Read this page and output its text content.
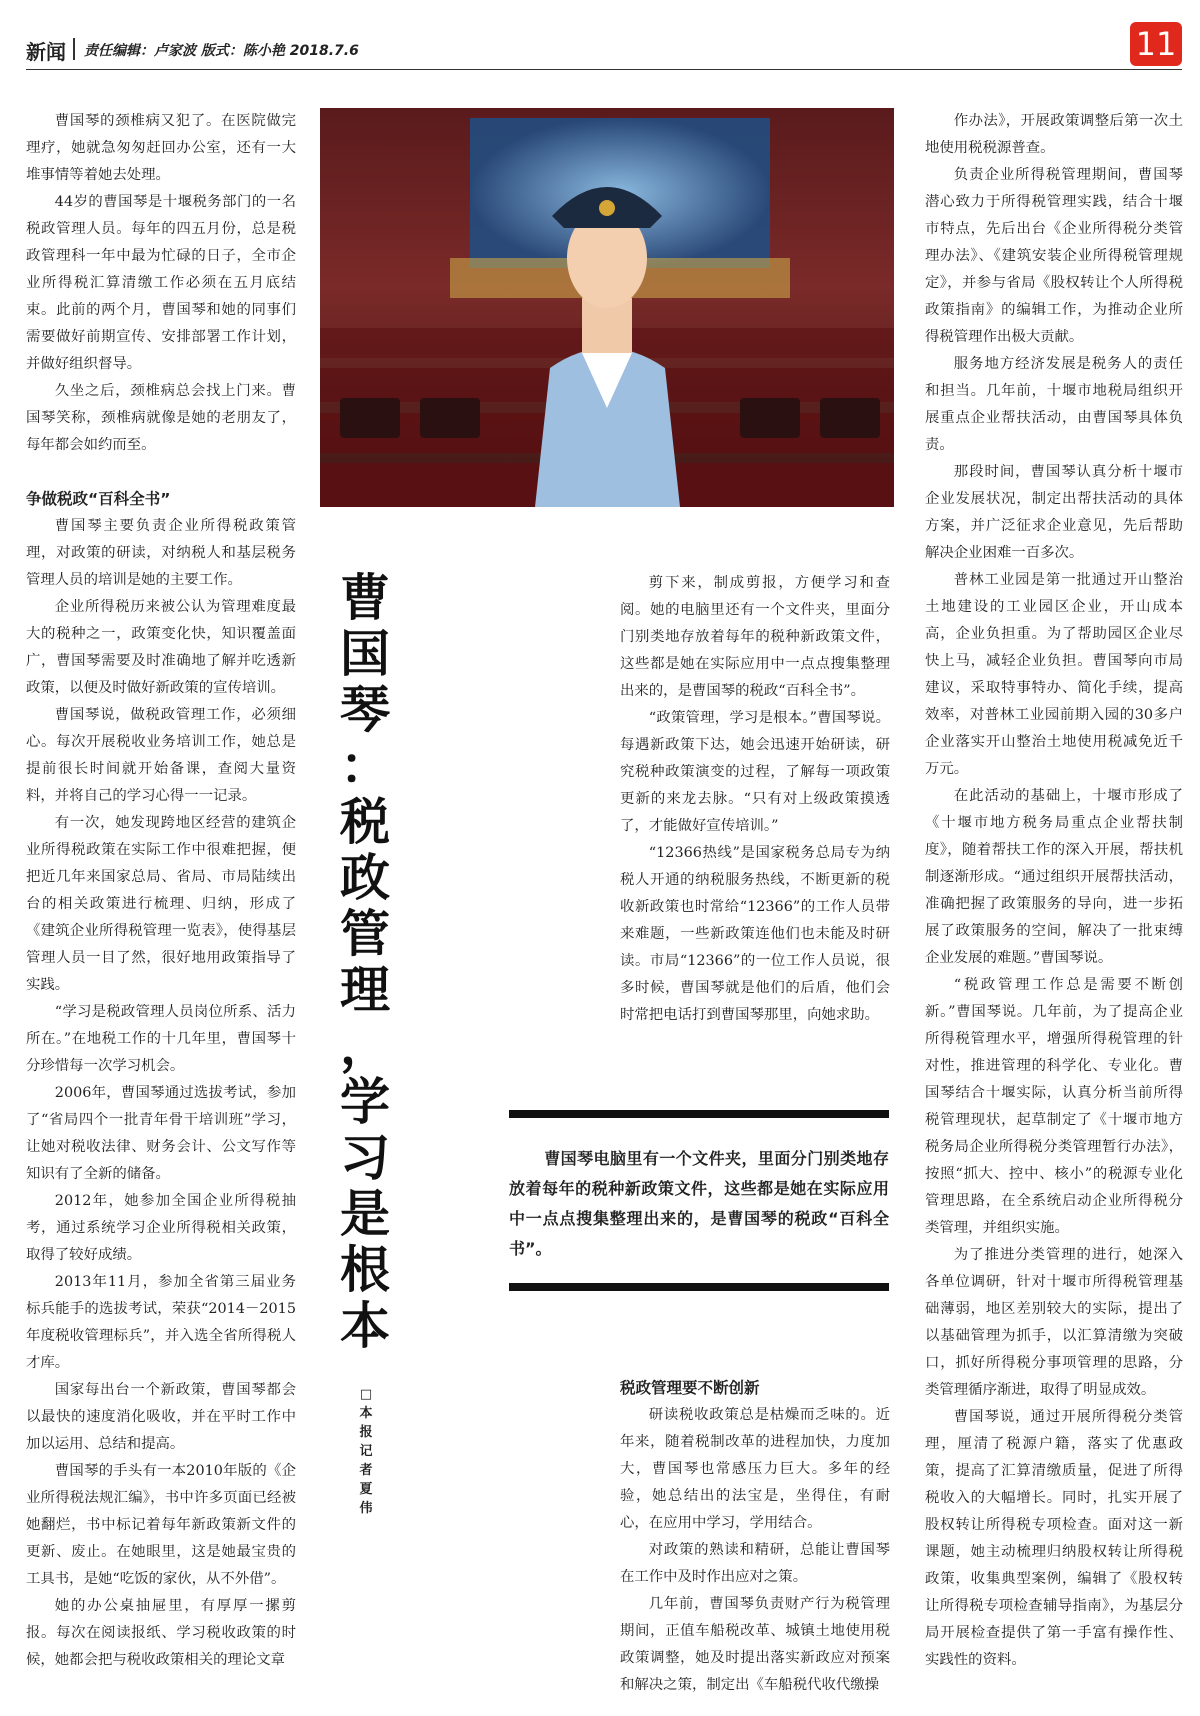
新闻 责任编辑：卢家波 版式：陈小艳 2018.7.6	11

曹国琴的颈椎病又犯了。在医院做完理疗，她就急匆匆赶回办公室，还有一大堆事情等着她去处理。

44岁的曹国琴是十堰税务部门的一名税政管理人员。每年的四五月份，总是税政管理科一年中最为忙碌的日子，全市企业所得税汇算清缴工作必须在五月底结束。此前的两个月，曹国琴和她的同事们需要做好前期宣传、安排部署工作计划，并做好组织督导。

久坐之后，颈椎病总会找上门来。曹国琴笑称，颈椎病就像是她的老朋友了，每年都会如约而至。

争做税政“百科全书”

曹国琴主要负责企业所得税政策管理，对政策的研读，对纳税人和基层税务管理人员的培训是她的主要工作。

企业所得税历来被公认为管理难度最大的税种之一，政策变化快，知识覆盖面广，曹国琴需要及时准确地了解并吃透新政策，以便及时做好新政策的宣传培训。

曹国琴说，做税政管理工作，必须细心。每次开展税收业务培训工作，她总是提前很长时间就开始备课，查阅大量资料，并将自己的学习心得一一记录。

有一次，她发现跨地区经营的建筑企业所得税政策在实际工作中很难把握，便把近几年来国家总局、省局、市局陆续出台的相关政策进行梳理、归纳，形成了《建筑企业所得税管理一览表》，使得基层管理人员一目了然，很好地用政策指导了实践。

“学习是税政管理人员岗位所系、活力所在。”在地税工作的十几年里，曹国琴十分珍惜每一次学习机会。

2006年，曹国琴通过选拔考试，参加了“省局四个一批青年骨干培训班”学习，让她对税收法律、财务会计、公文写作等知识有了全新的储备。

2012年，她参加全国企业所得税抽考，通过系统学习企业所得税相关政策，取得了较好成绩。

2013年11月，参加全省第三届业务标兵能手的选拔考试，荣获“2014－2015年度税收管理标兵”，并入选全省所得税人才库。

国家每出台一个新政策，曹国琴都会以最快的速度消化吸收，并在平时工作中加以运用、总结和提高。

曹国琴的手头有一本2010年版的《企业所得税法规汇编》，书中许多页面已经被她翻烂，书中标记着每年新政策新文件的更新、废止。在她眼里，这是她最宝贵的工具书，是她“吃饭的家伙，从不外借”。

她的办公桌抽屉里，有厚厚一摞剪报。每次在阅读报纸、学习税收政策的时候，她都会把与税收政策相关的理论文章

曹
国
琴
：
税
政
管
理
，
学
习
是
根
本
□
本
报
记
者
夏
伟

剪下来，制成剪报，方便学习和查阅。她的电脑里还有一个文件夹，里面分门别类地存放着每年的税种新政策文件，这些都是她在实际应用中一点点搜集整理出来的，是曹国琴的税政“百科全书”。

“政策管理，学习是根本。”曹国琴说。每遇新政策下达，她会迅速开始研读，研究税种政策演变的过程，了解每一项政策更新的来龙去脉。“只有对上级政策摸透了，才能做好宣传培训。”

“12366热线”是国家税务总局专为纳税人开通的纳税服务热线，不断更新的税收新政策也时常给“12366”的工作人员带来难题，一些新政策连他们也未能及时研读。市局“12366”的一位工作人员说，很多时候，曹国琴就是他们的后盾，他们会时常把电话打到曹国琴那里，向她求助。

曹国琴电脑里有一个文件夹，里面分门别类地存放着每年的税种新政策文件，这些都是她在实际应用中一点点搜集整理出来的，是曹国琴的税政“百科全书”。
税政管理要不断创新

研读税收政策总是枯燥而乏味的。近年来，随着税制改革的进程加快，力度加大，曹国琴也常感压力巨大。多年的经验，她总结出的法宝是，坐得住，有耐心，在应用中学习，学用结合。

对政策的熟读和精研，总能让曹国琴在工作中及时作出应对之策。

几年前，曹国琴负责财产行为税管理期间，正值车船税改革、城镇土地使用税政策调整，她及时提出落实新政应对预案和解决之策，制定出《车船税代收代缴操

作办法》，开展政策调整后第一次土地使用税税源普查。

负责企业所得税管理期间，曹国琴潜心致力于所得税管理实践，结合十堰市特点，先后出台《企业所得税分类管理办法》、《建筑安装企业所得税管理规定》，并参与省局《股权转让个人所得税政策指南》的编辑工作，为推动企业所得税管理作出极大贡献。

服务地方经济发展是税务人的责任和担当。几年前，十堰市地税局组织开展重点企业帮扶活动，由曹国琴具体负责。

那段时间，曹国琴认真分析十堰市企业发展状况，制定出帮扶活动的具体方案，并广泛征求企业意见，先后帮助解决企业困难一百多次。

普林工业园是第一批通过开山整治土地建设的工业园区企业，开山成本高，企业负担重。为了帮助园区企业尽快上马，减轻企业负担。曹国琴向市局建议，采取特事特办、简化手续，提高效率，对普林工业园前期入园的30多户企业落实开山整治土地使用税减免近千万元。

在此活动的基础上，十堰市形成了《十堰市地方税务局重点企业帮扶制度》，随着帮扶工作的深入开展，帮扶机制逐渐形成。“通过组织开展帮扶活动，准确把握了政策服务的导向，进一步拓展了政策服务的空间，解决了一批束缚企业发展的难题。”曹国琴说。

“税政管理工作总是需要不断创新。”曹国琴说。几年前，为了提高企业所得税管理水平，增强所得税管理的针对性，推进管理的科学化、专业化。曹国琴结合十堰实际，认真分析当前所得税管理现状，起草制定了《十堰市地方税务局企业所得税分类管理暂行办法》，按照“抓大、控中、核小”的税源专业化管理思路，在全系统启动企业所得税分类管理，并组织实施。

为了推进分类管理的进行，她深入各单位调研，针对十堰市所得税管理基础薄弱，地区差别较大的实际，提出了以基础管理为抓手，以汇算清缴为突破口，抓好所得税分事项管理的思路，分类管理循序渐进，取得了明显成效。

曹国琴说，通过开展所得税分类管理，厘清了税源户籍，落实了优惠政策，提高了汇算清缴质量，促进了所得税收入的大幅增长。同时，扎实开展了股权转让所得税专项检查。面对这一新课题，她主动梳理归纳股权转让所得税政策，收集典型案例，编辑了《股权转让所得税专项检查辅导指南》，为基层分局开展检查提供了第一手富有操作性、实践性的资料。
